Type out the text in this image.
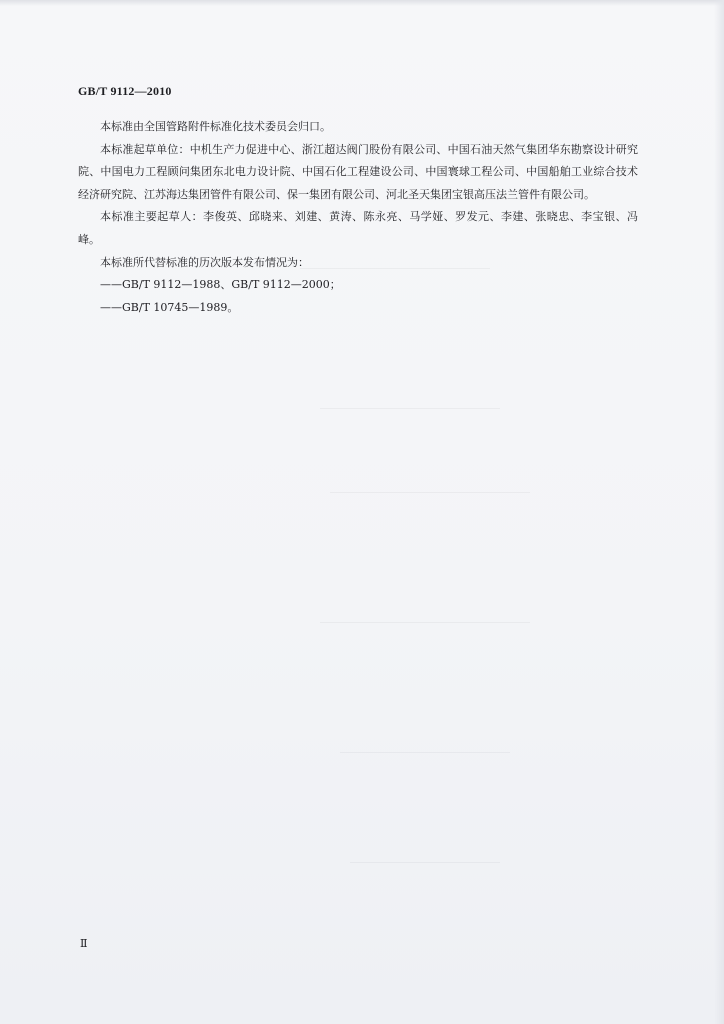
GB/T 9112—2010

本标准由全国管路附件标准化技术委员会归口。

本标准起草单位：中机生产力促进中心、浙江超达阀门股份有限公司、中国石油天然气集团华东勘察设计研究院、中国电力工程顾问集团东北电力设计院、中国石化工程建设公司、中国寰球工程公司、中国船舶工业综合技术经济研究院、江苏海达集团管件有限公司、保一集团有限公司、河北圣天集团宝银高压法兰管件有限公司。

本标准主要起草人：李俊英、邱晓来、刘建、黄涛、陈永亮、马学娅、罗发元、李建、张晓忠、李宝银、冯峰。

本标准所代替标准的历次版本发布情况为：

——GB/T 9112—1988、GB/T 9112—2000；

——GB/T 10745—1989。

Ⅱ
